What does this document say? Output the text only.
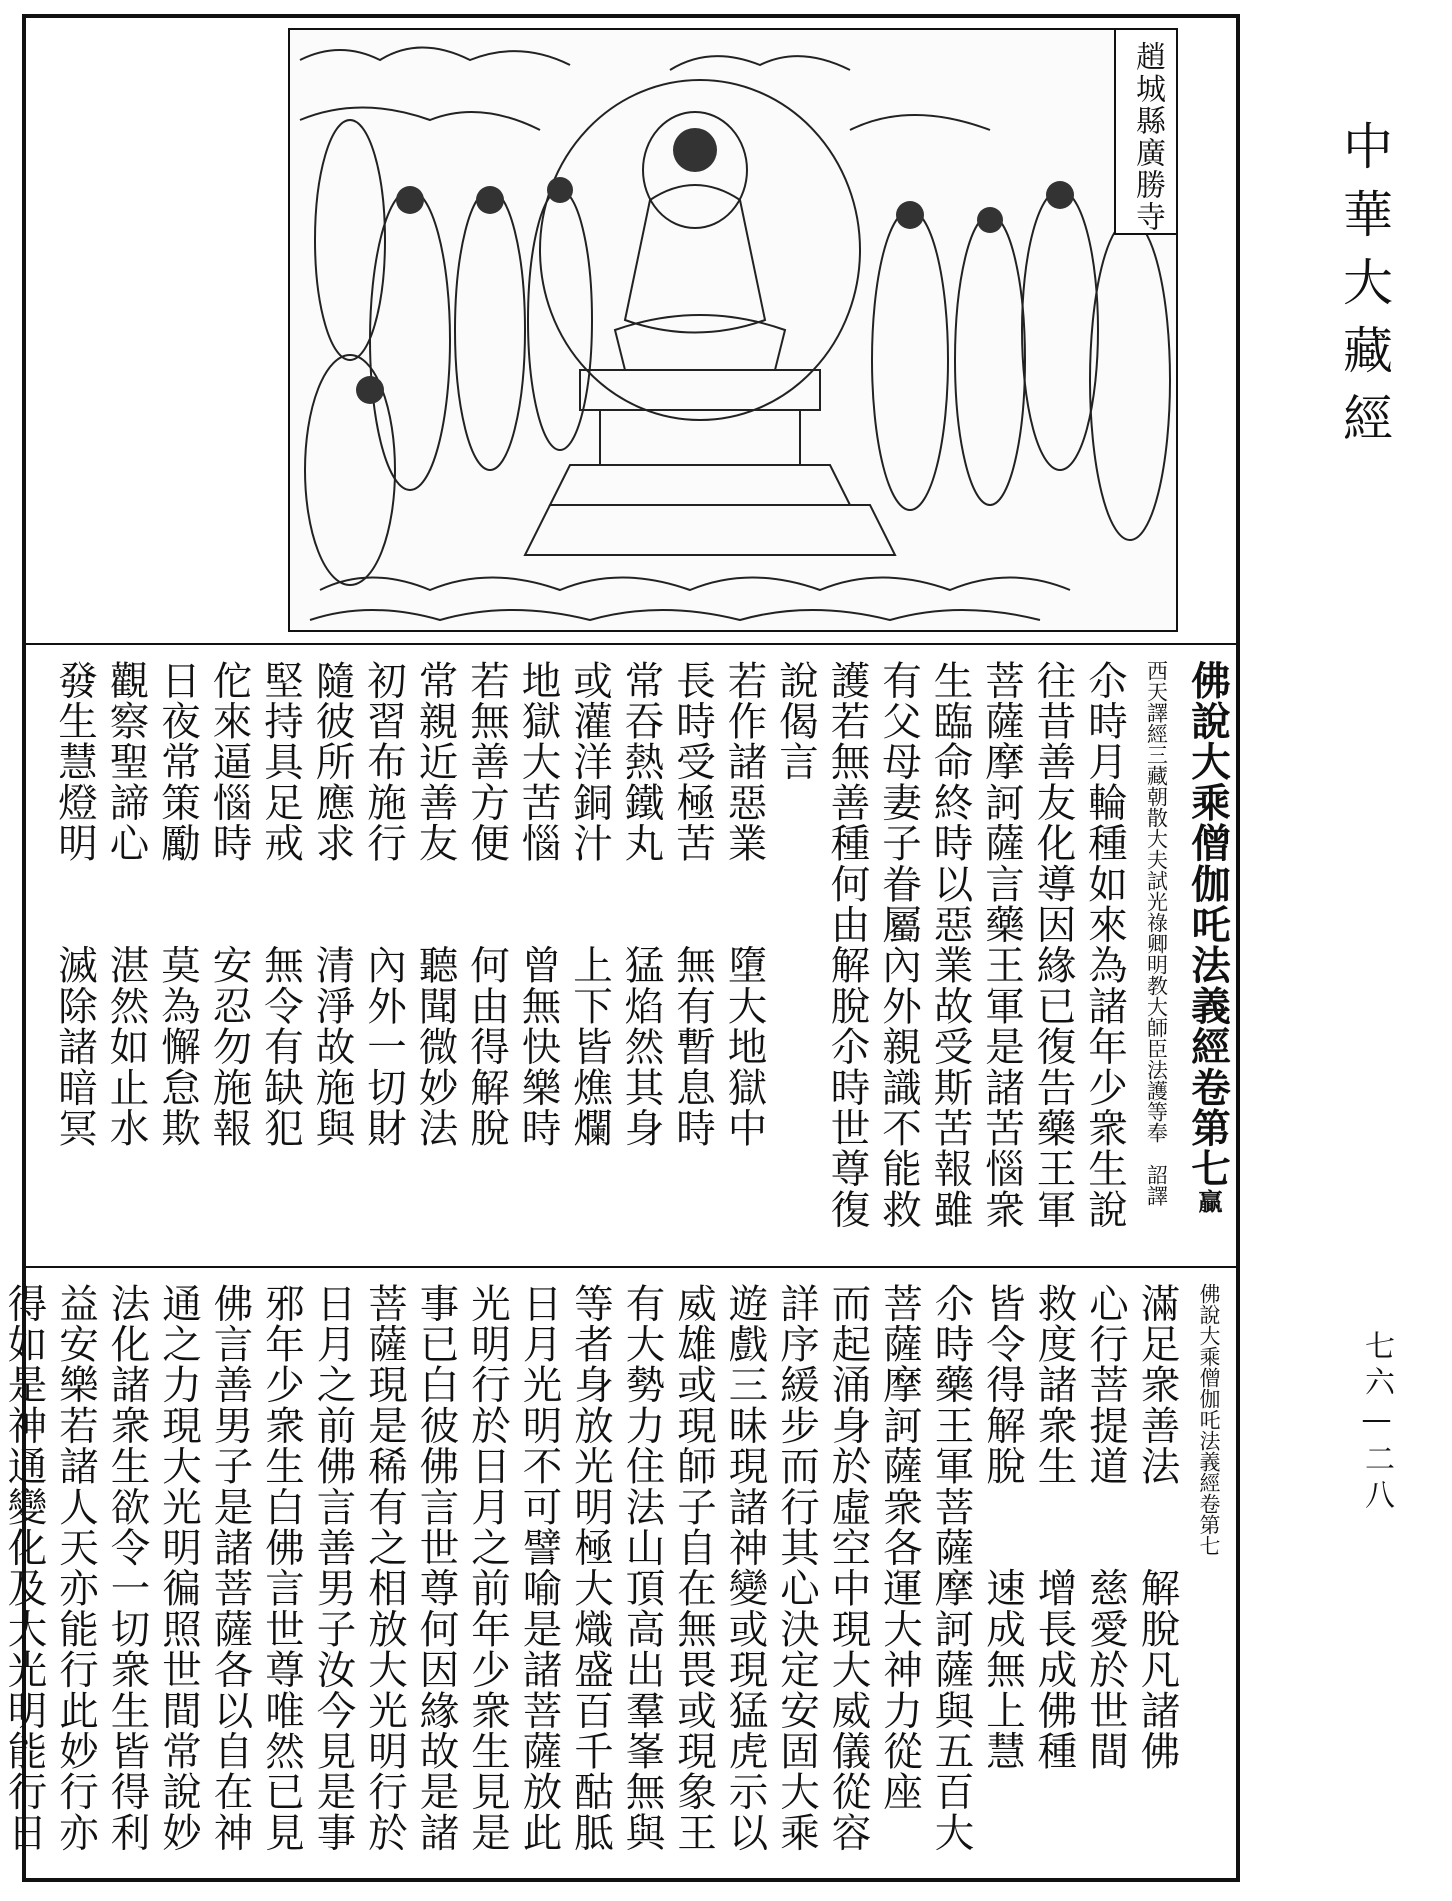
中華大藏經
七六—二八
趙城縣廣勝寺
佛說大乘僧伽吒法義經卷第七贏
西天譯經三藏朝散大夫試光祿卿明教大師臣法護等奉　詔譯
尒時月輪種如來為諸年少衆生說
往昔善友化導因緣已復告藥王軍
菩薩摩訶薩言藥王軍是諸苦惱衆
生臨命終時以惡業故受斯苦報雖
有父母妻子眷屬內外親識不能救
護若無善種何由解脫尒時世尊復
說偈言
若作諸惡業　　墮大地獄中
長時受極苦　　無有暫息時
常吞熱鐵丸　　猛焰然其身
或灌洋銅汁　　上下皆燋爛
地獄大苦惱　　曾無快樂時
若無善方便　　何由得解脫
常親近善友　　聽聞微妙法
初習布施行　　內外一切財
隨彼所應求　　清淨故施與
堅持具足戒　　無令有缺犯
佗來逼惱時　　安忍勿施報
日夜常策勵　　莫為懈怠欺
觀察聖諦心　　湛然如止水
發生慧燈明　　滅除諸暗冥
佛說大乘僧伽吒法義經卷第七
滿足衆善法　　解脫凡諸佛
心行菩提道　　慈愛於世間
救度諸衆生　　增長成佛種
皆令得解脫　　速成無上慧
尒時藥王軍菩薩摩訶薩與五百大
菩薩摩訶薩衆各運大神力從座
而起涌身於虛空中現大威儀從容
詳序緩步而行其心決定安固大乘
遊戲三昧現諸神變或現猛虎示以
威雄或現師子自在無畏或現象王
有大勢力住法山頂高出羣峯無與
等者身放光明極大熾盛百千酤胝
日月光明不可譬喻是諸菩薩放此
光明行於日月之前年少衆生見是
事已白彼佛言世尊何因緣故是諸
菩薩現是稀有之相放大光明行於
日月之前佛言善男子汝今見是事
邪年少衆生白佛言世尊唯然已見
佛言善男子是諸菩薩各以自在神
通之力現大光明徧照世間常說妙
法化諸衆生欲令一切衆生皆得利
益安樂若諸人天亦能行此妙行亦
得如是神通變化及大光明能行日
